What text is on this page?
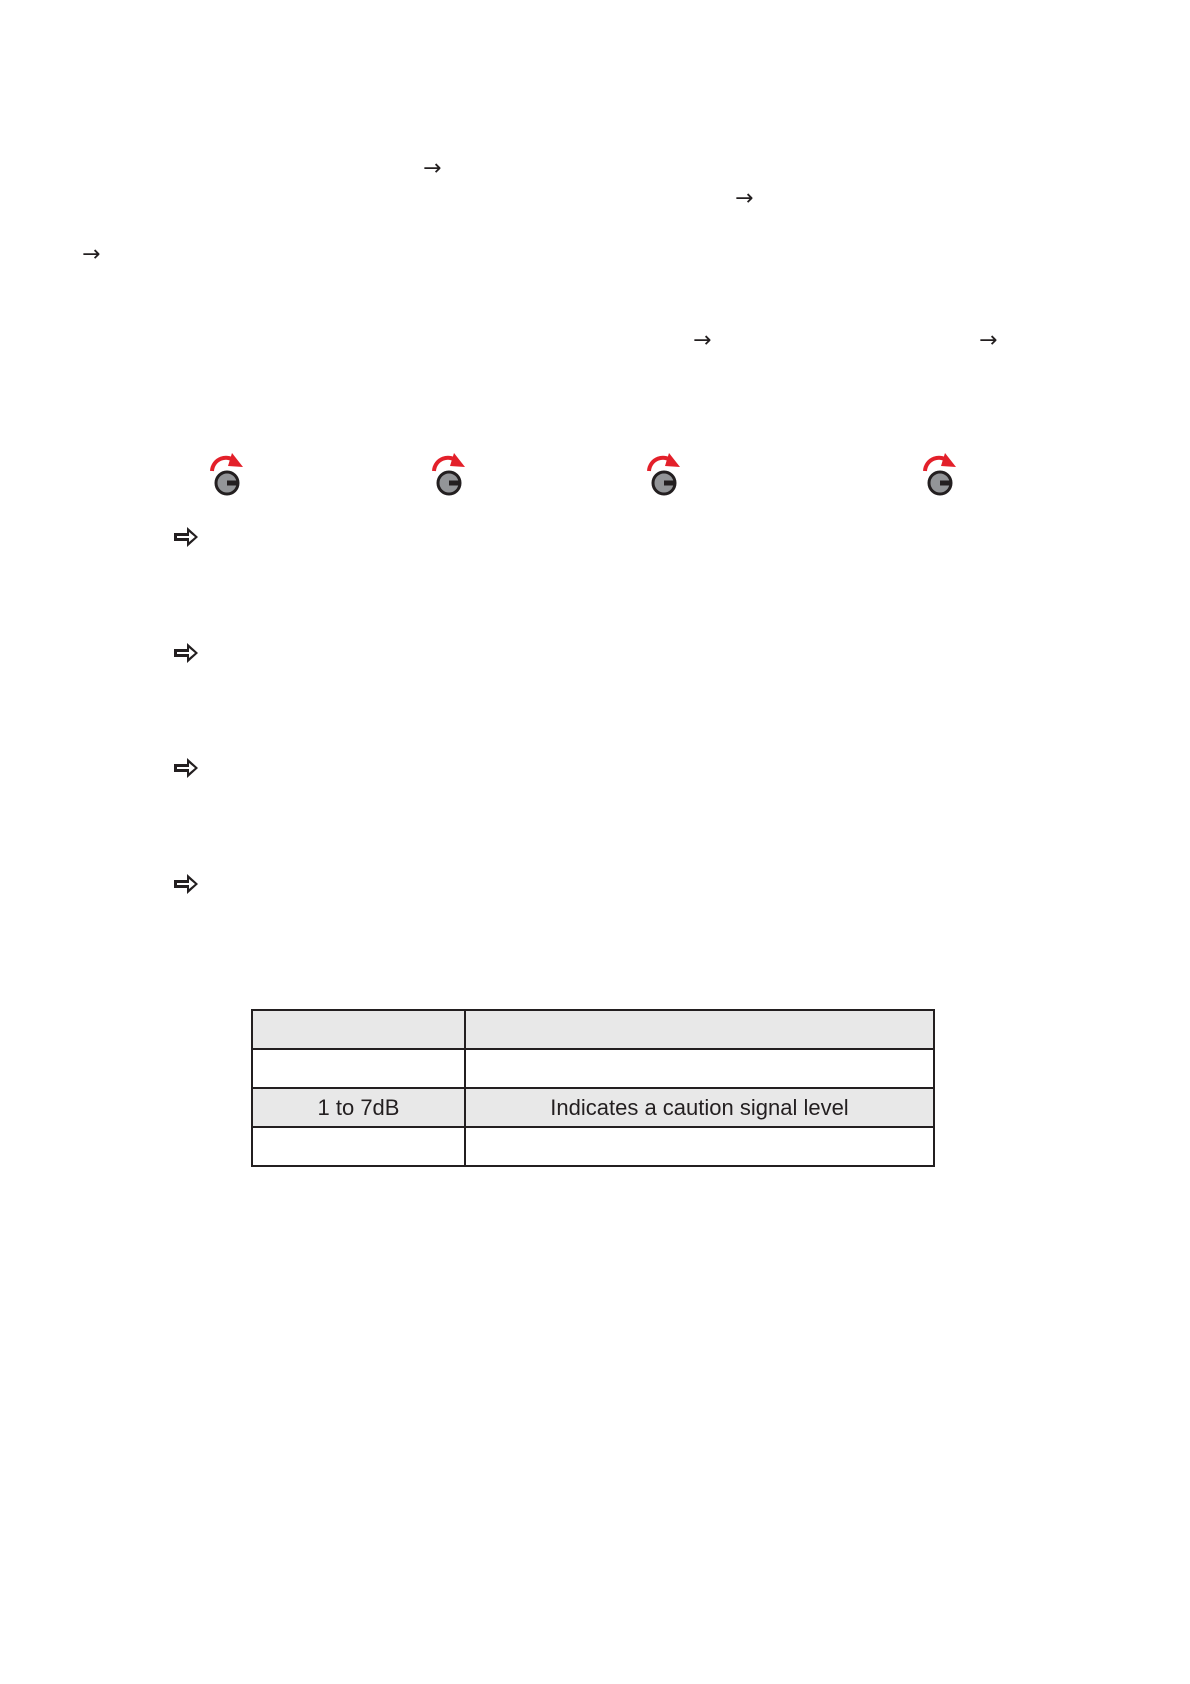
→
→
→
→	→

1 to 7dB	Indicates a caution signal level
